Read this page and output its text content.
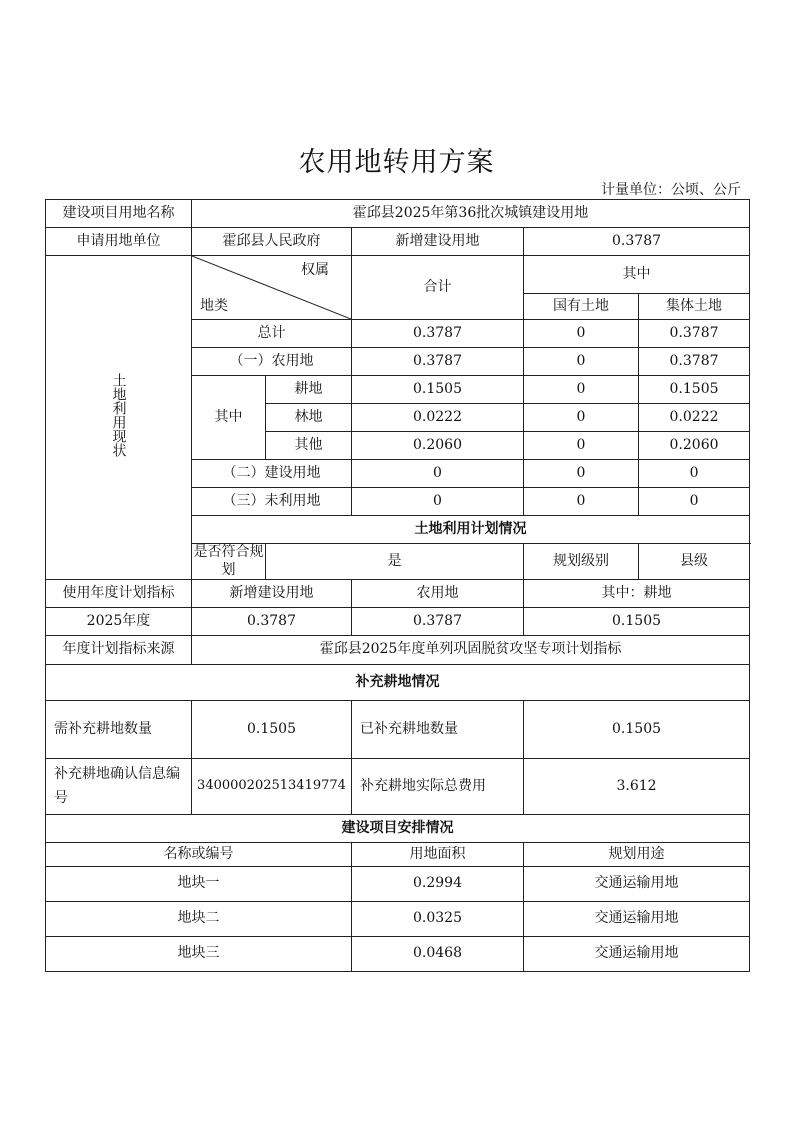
农用地转用方案
计量单位：公顷、公斤
建设项目用地名称	霍邱县2025年第36批次城镇建设用地				
申请用地单位	霍邱县人民政府		新增建设用地	0.3787	
土地利用现状	权属
地类		合计	其中	
				国有土地	集体土地
	总计		0.3787	0	0.3787
	（一）农用地		0.3787	0	0.3787
	其中	耕地	0.1505	0	0.1505
		林地	0.0222	0	0.0222
		其他	0.2060	0	0.2060
	（二）建设用地		0	0	0
	（三）未利用地		0	0	0
	土地利用计划情况				
	是否符合规划	是		规划级别	县级
使用年度计划指标	新增建设用地		农用地	其中：耕地	
2025年度	0.3787		0.3787	0.1505	
年度计划指标来源	霍邱县2025年度单列巩固脱贫攻坚专项计划指标				
补充耕地情况					
需补充耕地数量	0.1505		已补充耕地数量	0.1505	
补充耕地确认信息编号	340000202513419774		补充耕地实际总费用	3.612	
建设项目安排情况					
名称或编号			用地面积	规划用途	
地块一			0.2994	交通运输用地	
地块二			0.0325	交通运输用地	
地块三			0.0468	交通运输用地	
